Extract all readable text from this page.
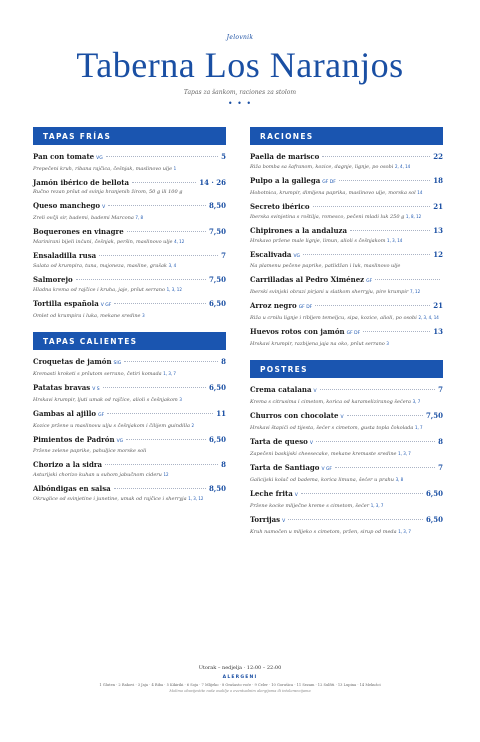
Jelovnik
Taberna Los Naranjos
Tapas za šankom, raciones za stolom
• • •
TAPAS FRÍAS
Pan con tomate VG	5
Prepečeni kruh, ribana rajčica, češnjak, maslinovo ulje 1
Jamón ibérico de bellota	14 · 26
Ručno rezan pršut od svinja hranjenih žirom, 50 g ili 100 g
Queso manchego V	8,50
Zreli ovčji sir, bademi, bademi Marcona 7, 8
Boquerones en vinagre	7,50
Marinirani bijeli inćuni, češnjak, peršin, maslinovo ulje 4, 12
Ensaladilla rusa	7
Salata od krumpira, tuna, majoneza, masline, grašak 3, 4
Salmorejo	7,50
Hladna krema od rajčice i kruha, jaje, pršut serrano 1, 3, 12
Tortilla española V GF	6,50
Omlet od krumpira i luka, mekane sredine 3
TAPAS CALIENTES
Croquetas de jamón SIG	8
Kremasti kroketi s pršutom serrano, četiri komada 1, 3, 7
Patatas bravas V S	6,50
Hrskavi krumpir, ljuti umak od rajčice, alioli s češnjakom 3
Gambas al ajillo GF	11
Kozice pržene u maslinovu ulju s češnjakom i čilijem guindilla 2
Pimientos de Padrón VG	6,50
Pržene zelene paprike, pahuljice morske soli
Chorizo a la sidra	8
Asturijski chorizo kuhan u suhom jabučnom cideru 12
Albóndigas en salsa	8,50
Okruglice od svinjetine i junetine, umak od rajčice i sherryja 1, 3, 12
RACIONES
Paella de marisco	22
Riža bomba sa šafranom, kozice, dagnje, lignje, po osobi 2, 4, 14
Pulpo a la gallega GF DF	18
Hobotnica, krumpir, dimljena paprika, maslinovo ulje, morska sol 14
Secreto ibérico	21
Iberska svinjetina s roštilja, romesco, pečeni mladi luk 250 g 1, 8, 12
Chipirones a la andaluza	13
Hrskavo pržene male lignje, limun, alioli s češnjakom 1, 3, 14
Escalivada VG	12
Na plamenu pečene paprike, patlidžan i luk, maslinovo ulje
Carrilladas al Pedro Ximénez GF
Iberski svinjski obrazi pirjani u slatkom sherryju, pire krumpir 7, 12
Arroz negro GF DF	21
Riža u crnilu lignje i ribljem temeljcu, sipa, kozice, alioli, po osobi 2, 3, 4, 14
Huevos rotos con jamón GF DF	13
Hrskavi krumpir, razbijena jaja na oko, pršut serrano 3
POSTRES
Crema catalana V	7
Krema s citrusima i cimetom, korica od karameliziranog šećera 3, 7
Churros con chocolate V	7,50
Hrskavi štapići od tijesta, šećer s cimetom, gusta topla čokolada 1, 7
Tarta de queso V	8
Zapečeni baskijski cheesecake, mekane kremaste sredine 1, 3, 7
Tarta de Santiago V GF	7
Galicijski kolač od badema, korica limuna, šećer u prahu 3, 8
Leche frita V	6,50
Pržene kocke mliječne kreme s cimetom, šećer 1, 3, 7
Torrijas V	6,50
Kruh namočen u mlijeko s cimetom, pržen, sirup od meda 1, 3, 7
Utorak – nedjelja · 12:00 – 22:00
ALERGENI
1 Gluten · 2 Rakovi · 3 Jaja · 4 Riba · 5 Kikiriki · 6 Soja · 7 Mlijeko · 8 Orašasto voće · 9 Celer · 10 Gorušica · 11 Sezam · 12 Sulfiti · 13 Lupina · 14 Mekušci
Molimo obavijestite naše osoblje o eventualnim alergijama ili intolerancijama
